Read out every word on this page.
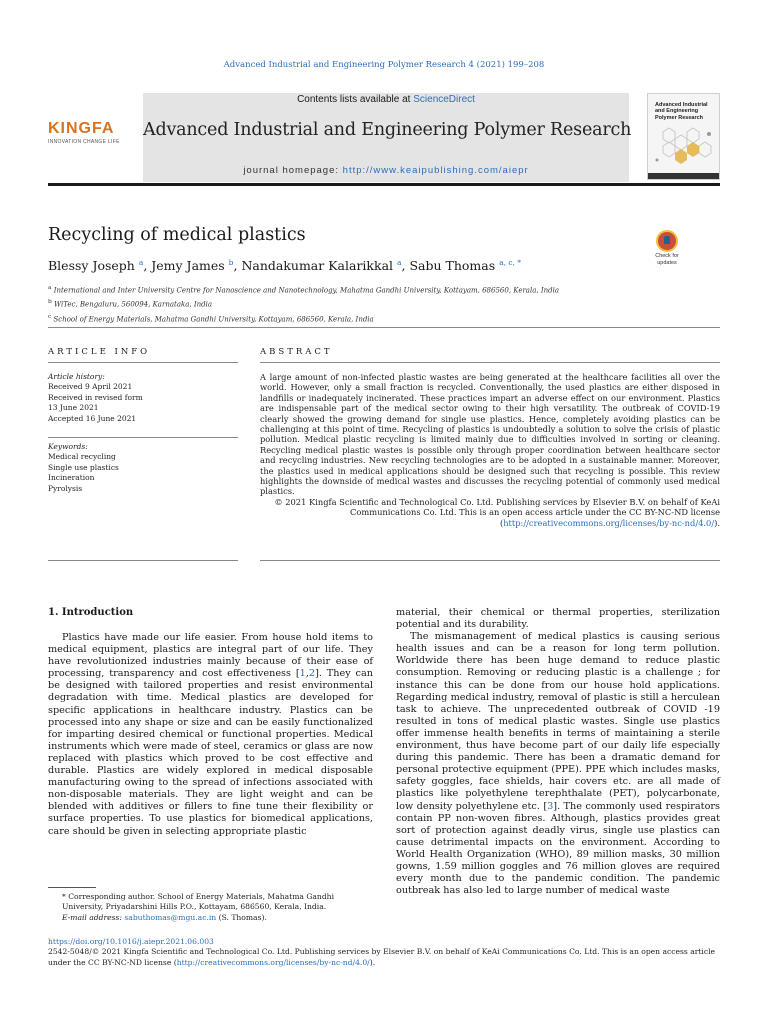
Advanced Industrial and Engineering Polymer Research 4 (2021) 199–208
Contents lists available at ScienceDirect
Advanced Industrial and Engineering Polymer Research
journal homepage: http://www.keaipublishing.com/aiepr
KINGFA
INNOVATION CHANGE LIFE
Advanced Industrial
and Engineering
Polymer Research
Recycling of medical plastics
Check for
updates
Blessy Joseph $^a$, Jemy James $^b$, Nandakumar Kalarikkal $^a$, Sabu Thomas $^{a, c, *}$
$^a$ International and Inter University Centre for Nanoscience and Nanotechnology, Mahatma Gandhi University, Kottayam, 686560, Kerala, India
$^b$ WiTec, Bengaluru, 560094, Karnataka, India
$^c$ School of Energy Materials, Mahatma Gandhi University, Kottayam, 686560, Kerala, India
ARTICLE INFO
Article history:
Received 9 April 2021
Received in revised form
13 June 2021
Accepted 16 June 2021
Keywords:
Medical recycling
Single use plastics
Incineration
Pyrolysis
ABSTRACT
A large amount of non-infected plastic wastes are being generated at the healthcare facilities all over the world. However, only a small fraction is recycled. Conventionally, the used plastics are either disposed in landfills or inadequately incinerated. These practices impart an adverse effect on our environment. Plastics are indispensable part of the medical sector owing to their high versatility. The outbreak of COVID-19 clearly showed the growing demand for single use plastics. Hence, completely avoiding plastics can be challenging at this point of time. Recycling of plastics is undoubtedly a solution to solve the crisis of plastic pollution. Medical plastic recycling is limited mainly due to difficulties involved in sorting or cleaning. Recycling medical plastic wastes is possible only through proper coordination between healthcare sector and recycling industries. New recycling technologies are to be adopted in a sustainable manner. Moreover, the plastics used in medical applications should be designed such that recycling is possible. This review highlights the downside of medical wastes and discusses the recycling potential of commonly used medical plastics.

© 2021 Kingfa Scientific and Technological Co. Ltd. Publishing services by Elsevier B.V. on behalf of KeAi Communications Co. Ltd. This is an open access article under the CC BY-NC-ND license (http://creativecommons.org/licenses/by-nc-nd/4.0/).

1. Introduction

Plastics have made our life easier. From house hold items to medical equipment, plastics are integral part of our life. They have revolutionized industries mainly because of their ease of processing, transparency and cost effectiveness [1,2]. They can be designed with tailored properties and resist environmental degradation with time. Medical plastics are developed for specific applications in healthcare industry. Plastics can be processed into any shape or size and can be easily functionalized for imparting desired chemical or functional properties. Medical instruments which were made of steel, ceramics or glass are now replaced with plastics which proved to be cost effective and durable. Plastics are widely explored in medical disposable manufacturing owing to the spread of infections associated with non-disposable materials. They are light weight and can be blended with additives or fillers to fine tune their flexibility or surface properties. To use plastics for biomedical applications, care should be given in selecting appropriate plastic

material, their chemical or thermal properties, sterilization potential and its durability.

The mismanagement of medical plastics is causing serious health issues and can be a reason for long term pollution. Worldwide there has been huge demand to reduce plastic consumption. Removing or reducing plastic is a challenge ; for instance this can be done from our house hold applications. Regarding medical industry, removal of plastic is still a herculean task to achieve. The unprecedented outbreak of COVID -19 resulted in tons of medical plastic wastes. Single use plastics offer immense health benefits in terms of maintaining a sterile environment, thus have become part of our daily life especially during this pandemic. There has been a dramatic demand for personal protective equipment (PPE). PPE which includes masks, safety goggles, face shields, hair covers etc. are all made of plastics like polyethylene terephthalate (PET), polycarbonate, low density polyethylene etc. [3]. The commonly used respirators contain PP non-woven fibres. Although, plastics provides great sort of protection against deadly virus, single use plastics can cause detrimental impacts on the environment. According to World Health Organization (WHO), 89 million masks, 30 million gowns, 1.59 million goggles and 76 million gloves are required every month due to the pandemic condition. The pandemic outbreak has also led to large number of medical waste

* Corresponding author. School of Energy Materials, Mahatma Gandhi University, Priyadarshini Hills P.O., Kottayam, 686560, Kerala, India.
E-mail address: sabuthomas@mgu.ac.in (S. Thomas).
https://doi.org/10.1016/j.aiepr.2021.06.003
2542-5048/© 2021 Kingfa Scientific and Technological Co. Ltd. Publishing services by Elsevier B.V. on behalf of KeAi Communications Co. Ltd. This is an open access article under the CC BY-NC-ND license (http://creativecommons.org/licenses/by-nc-nd/4.0/).
